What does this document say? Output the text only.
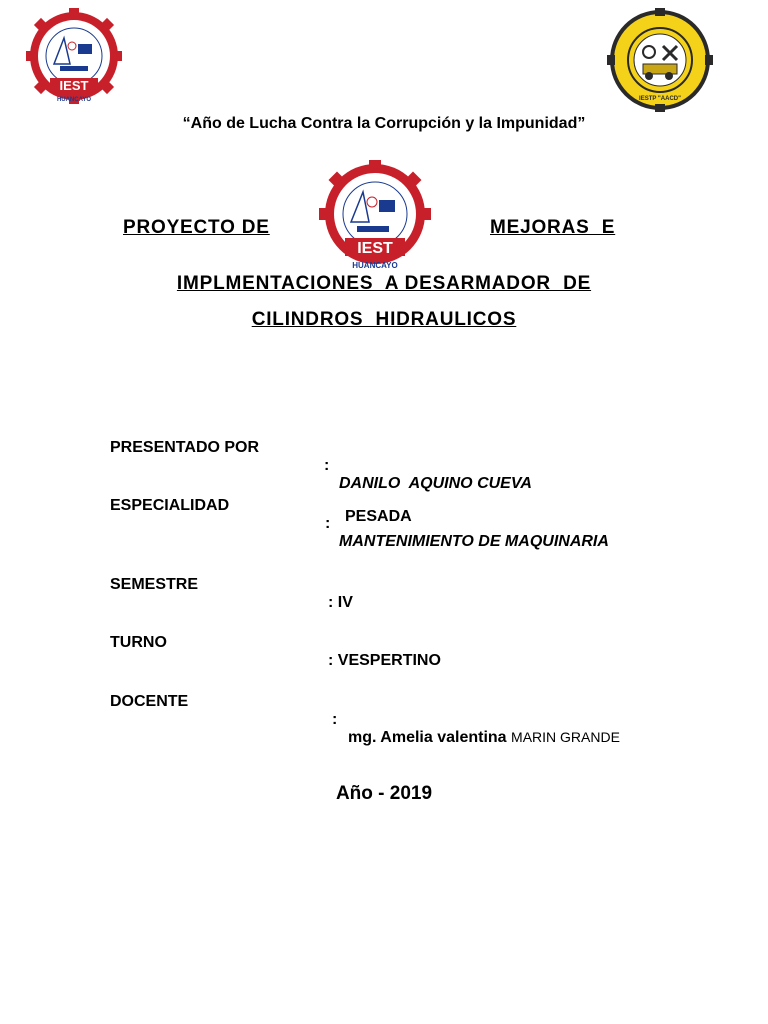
IEST
HUANCAYO	IESTP "AACD"
“Año de Lucha Contra la Corrupción y la Impunidad”
IEST
HUANCAYO
PROYECTO DE	MEJORAS  E
IMPLMENTACIONES  A DESARMADOR  DE
CILINDROS  HIDRAULICOS

PRESENTADO POR

:

DANILO  AQUINO CUEVA

ESPECIALIDAD

:

MANTENIMIENTO DE MAQUINARIA

PESADA

SEMESTRE

: IV

TURNO

: VESPERTINO

DOCENTE

:

mg. Amelia valentina MARIN GRANDE

Año - 2019
